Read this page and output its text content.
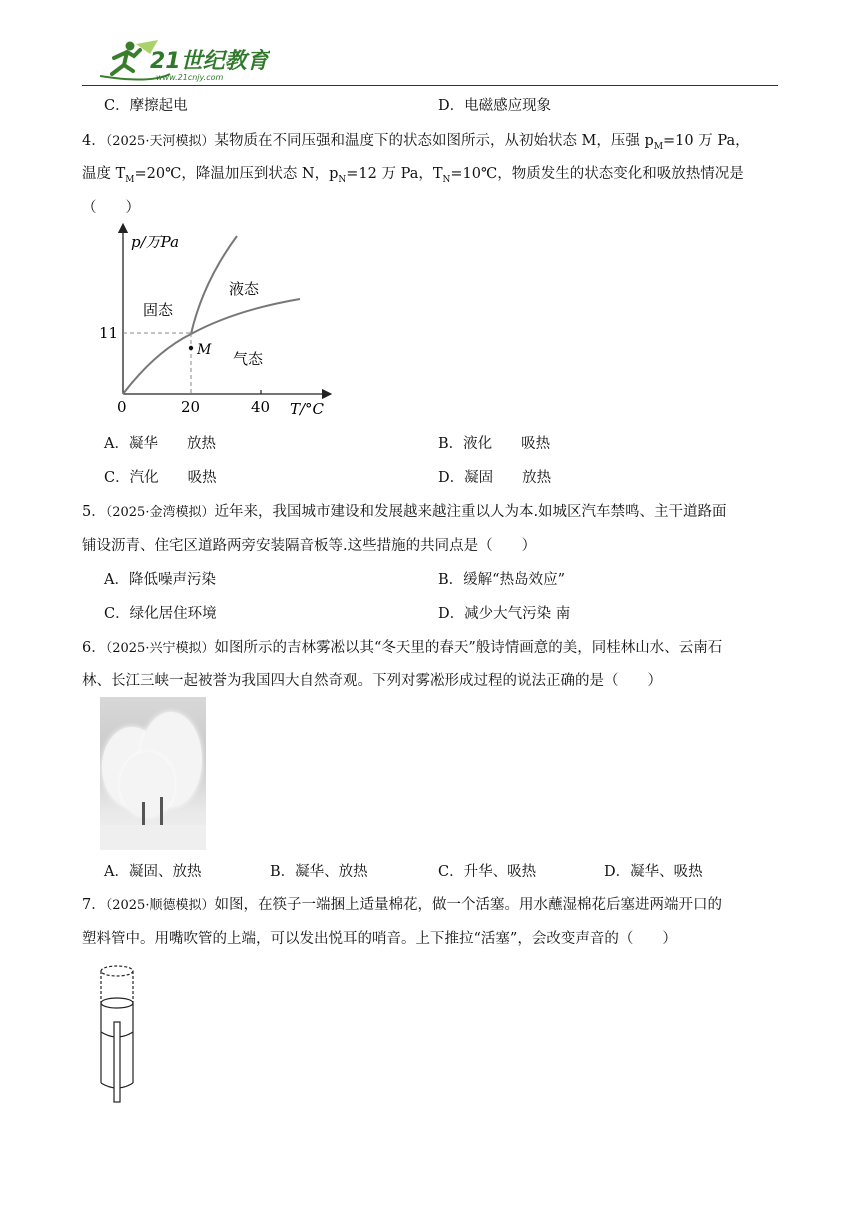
21世纪教育
www.21cnjy.com
C．摩擦起电	D．电磁感应现象
4．（2025·天河模拟）某物质在不同压强和温度下的状态如图所示，从初始状态 M，压强 $p_M=10$ 万 Pa，
温度 $T_M=20℃$，降温加压到状态 N，$p_N=12$ 万 Pa，$T_N=10℃$，物质发生的状态变化和吸放热情况是
（　　）
p/万Pa
T/°C
11
0	20	40
固态
液态
气态
M
A．凝华　　放热	B．液化　　吸热
C．汽化　　吸热	D．凝固　　放热
5．（2025·金湾模拟）近年来，我国城市建设和发展越来越注重以人为本.如城区汽车禁鸣、主干道路面
铺设沥青、住宅区道路两旁安装隔音板等.这些措施的共同点是（　　）
A．降低噪声污染	B．缓解“热岛效应”
C．绿化居住环境	D．减少大气污染 南
6．（2025·兴宁模拟）如图所示的吉林雾凇以其“冬天里的春天”般诗情画意的美，同桂林山水、云南石
林、长江三峡一起被誉为我国四大自然奇观。下列对雾凇形成过程的说法正确的是（　　）
A．凝固、放热	B．凝华、放热	C．升华、吸热	D．凝华、吸热
7．（2025·顺德模拟）如图，在筷子一端捆上适量棉花，做一个活塞。用水蘸湿棉花后塞进两端开口的
塑料管中。用嘴吹管的上端，可以发出悦耳的哨音。上下推拉“活塞”，会改变声音的（　　）
